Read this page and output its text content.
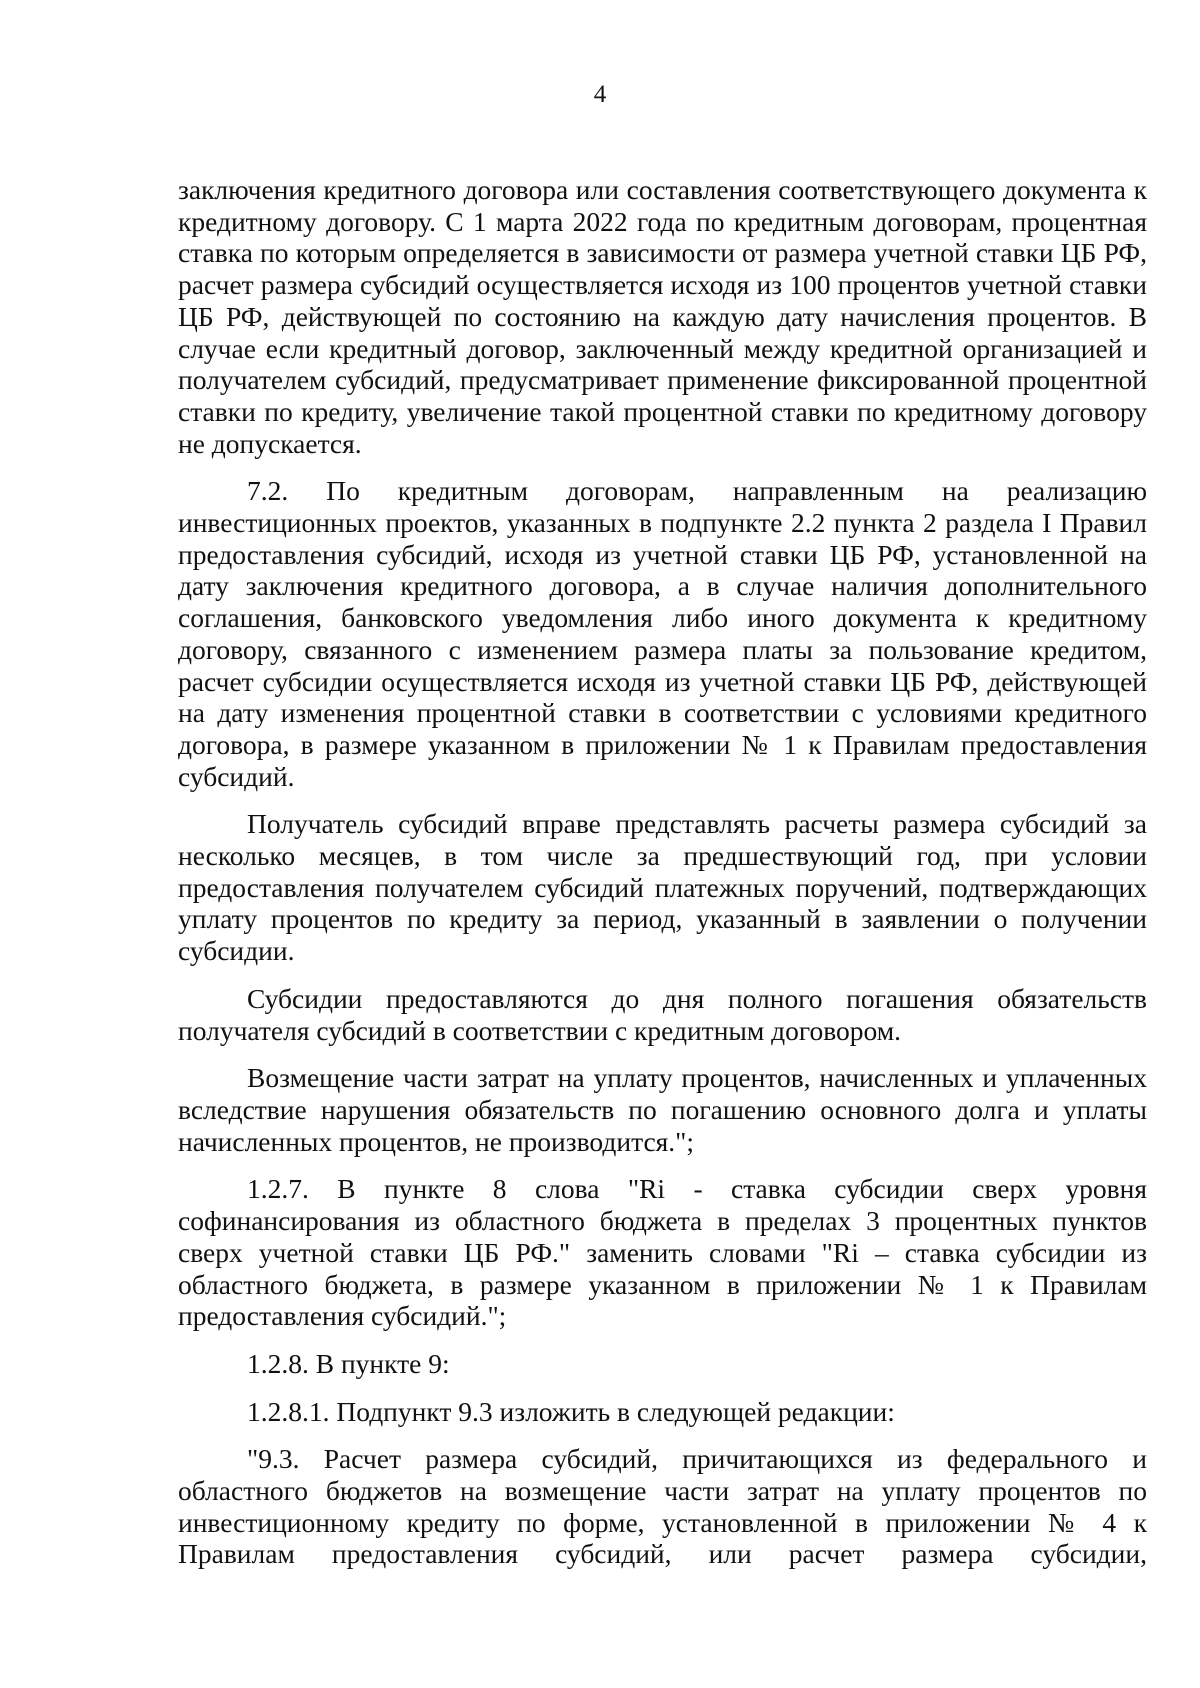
4

заключения кредитного договора или составления соответствующего документа к кредитному договору. С 1 марта 2022 года по кредитным договорам, процентная ставка по которым определяется в зависимости от размера учетной ставки ЦБ РФ, расчет размера субсидий осуществляется исходя из 100 процентов учетной ставки ЦБ РФ, действующей по состоянию на каждую дату начисления процентов. В случае если кредитный договор, заключенный между кредитной организацией и получателем субсидий, предусматривает применение фиксированной процентной ставки по кредиту, увеличение такой процентной ставки по кредитному договору не допускается.

7.2. По кредитным договорам, направленным на реализацию инвестиционных проектов, указанных в подпункте 2.2 пункта 2 раздела I Правил предоставления субсидий, исходя из учетной ставки ЦБ РФ, установленной на дату заключения кредитного договора, а в случае наличия дополнительного соглашения, банковского уведомления либо иного документа к кредитному договору, связанного с изменением размера платы за пользование кредитом, расчет субсидии осуществляется исходя из учетной ставки ЦБ РФ, действующей на дату изменения процентной ставки в соответствии с условиями кредитного договора, в размере указанном в приложении № 1 к Правилам предоставления субсидий.

Получатель субсидий вправе представлять расчеты размера субсидий за несколько месяцев, в том числе за предшествующий год, при условии предоставления получателем субсидий платежных поручений, подтверждающих уплату процентов по кредиту за период, указанный в заявлении о получении субсидии.

Субсидии предоставляются до дня полного погашения обязательств получателя субсидий в соответствии с кредитным договором.

Возмещение части затрат на уплату процентов, начисленных и уплаченных вследствие нарушения обязательств по погашению основного долга и уплаты начисленных процентов, не производится.";

1.2.7. В пункте 8 слова "Ri - ставка субсидии сверх уровня софинансирования из областного бюджета в пределах 3 процентных пунктов сверх учетной ставки ЦБ РФ." заменить словами "Ri – ставка субсидии из областного бюджета, в размере указанном в приложении № 1 к Правилам предоставления субсидий.";

1.2.8. В пункте 9:

1.2.8.1. Подпункт 9.3 изложить в следующей редакции:

"9.3. Расчет размера субсидий, причитающихся из федерального и областного бюджетов на возмещение части затрат на уплату процентов по инвестиционному кредиту по форме, установленной в приложении № 4 к Правилам предоставления субсидий, или расчет размера субсидии,
